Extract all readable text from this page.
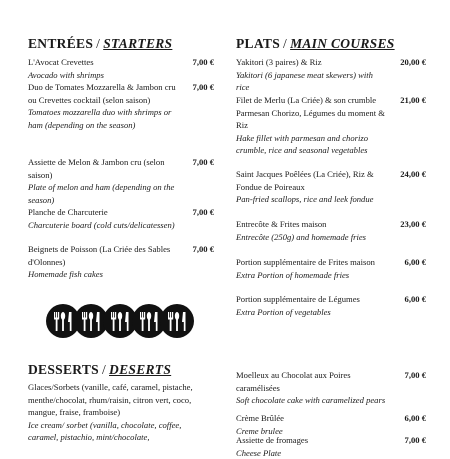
ENTRÉES / STARTERS
L'Avocat Crevettes
Avocado with shrimps
7,00 €
Duo de Tomates Mozzarella & Jambon cru ou Crevettes cocktail (selon saison)
Tomatoes mozzarella duo with shrimps or ham (depending on the season)
7,00 €
Assiette de Melon & Jambon cru (selon saison)
Plate of melon and ham (depending on the season)
7,00 €
Planche de Charcuterie
Charcuterie board (cold cuts/delicatessen)
7,00 €
Beignets de Poisson (La Criée des Sables d'Olonnes)
Homemade fish cakes
7,00 €
DESSERTS / DESERTS
Glaces/Sorbets (vanille, café, caramel, pistache, menthe/chocolat, rhum/raisin, citron vert, coco, mangue, fraise, framboise)
Ice cream/ sorbet (vanilla, chocolate, coffee, caramel, pistachio, mint/chocolate,
PLATS / MAIN COURSES
Yakitori (3 paires) & Riz
Yakitori (6 japanese meat skewers) with rice
20,00 €
Filet de Merlu (La Criée) & son crumble Parmesan Chorizo, Légumes du moment & Riz
Hake fillet with parmesan and chorizo crumble, rice and seasonal vegetables
21,00 €
Saint Jacques Poêlées (La Criée), Riz & Fondue de Poireaux
Pan-fried scallops, rice and leek fondue
24,00 €
Entrecôte & Frites maison
Entrecôte (250g) and homemade fries
23,00 €
Portion supplémentaire de Frites maison
Extra Portion of homemade fries
6,00 €
Portion supplémentaire de Légumes
Extra Portion of vegetables
6,00 €
Moelleux au Chocolat aux Poires caramélisées
Soft chocolate cake with caramelized pears
7,00 €
Crème Brûlée
Creme brulee
6,00 €
Assiette de fromages
Cheese Plate
7,00 €
